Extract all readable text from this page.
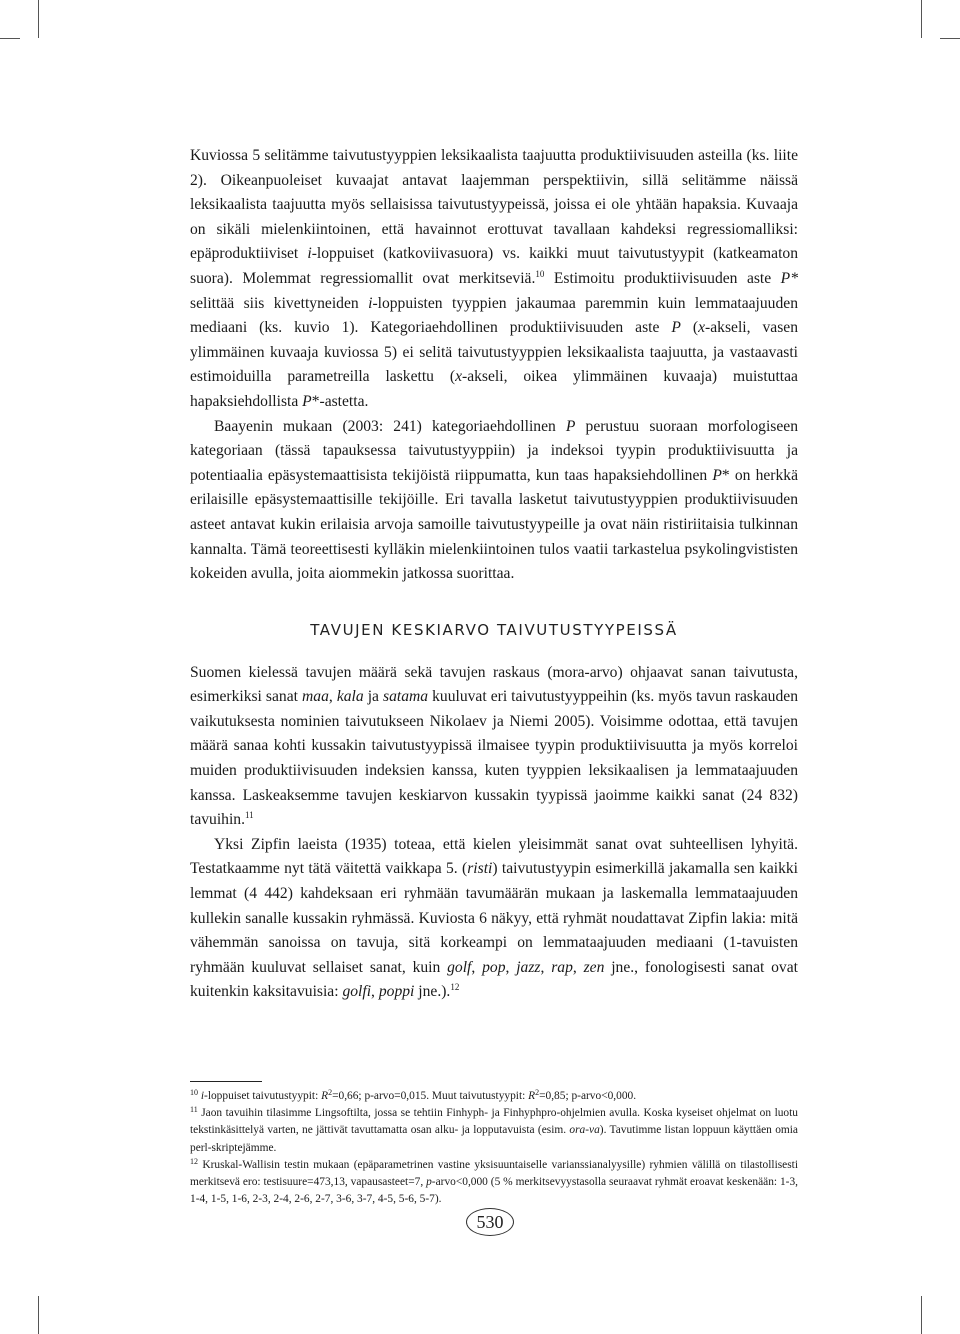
Kuviossa 5 selitämme taivutustyyppien leksikaalista taajuutta produktiivisuuden asteilla (ks. liite 2). Oikeanpuoleiset kuvaajat antavat laajemman perspektiivin, sillä selitämme näissä leksikaalista taajuutta myös sellaisissa taivutustyypeissä, joissa ei ole yhtään hapaksia. Kuvaaja on sikäli mielenkiintoinen, että havainnot erottuvat tavallaan kahdeksi regressiomalliksi: epäproduktiiviset i-loppuiset (katkoviivasuora) vs. kaikki muut taivutustyypit (katkeamaton suora). Molemmat regressiomallit ovat merkitseviä.$^{10}$ Estimoitu produktiivisuuden aste P* selittää siis kivettyneiden i-loppuisten tyyppien jakaumaa paremmin kuin lemmataajuuden mediaani (ks. kuvio 1). Kategoriaehdollinen produktiivisuuden aste P (x-akseli, vasen ylimmäinen kuvaaja kuviossa 5) ei selitä taivutustyyppien leksikaalista taajuutta, ja vastaavasti estimoiduilla parametreilla laskettu (x-akseli, oikea ylimmäinen kuvaaja) muistuttaa hapaksiehdollista P*-astetta.

Baayenin mukaan (2003: 241) kategoriaehdollinen P perustuu suoraan morfologiseen kategoriaan (tässä tapauksessa taivutustyyppiin) ja indeksoi tyypin produktiivisuutta ja potentiaalia epäsystemaattisista tekijöistä riippumatta, kun taas hapaksiehdollinen P* on herkkä erilaisille epäsystemaattisille tekijöille. Eri tavalla lasketut taivutustyyppien produktiivisuuden asteet antavat kukin erilaisia arvoja samoille taivutustyypeille ja ovat näin ristiriitaisia tulkinnan kannalta. Tämä teoreettisesti kylläkin mielenkiintoinen tulos vaatii tarkastelua psykolingvististen kokeiden avulla, joita aiommekin jatkossa suorittaa.

TAVUJEN KESKIARVO TAIVUTUSTYYPEISSÄ

Suomen kielessä tavujen määrä sekä tavujen raskaus (mora-arvo) ohjaavat sanan taivutusta, esimerkiksi sanat maa, kala ja satama kuuluvat eri taivutustyyppeihin (ks. myös tavun raskauden vaikutuksesta nominien taivutukseen Nikolaev ja Niemi 2005). Voisimme odottaa, että tavujen määrä sanaa kohti kussakin taivutustyypissä ilmaisee tyypin produktiivisuutta ja myös korreloi muiden produktiivisuuden indeksien kanssa, kuten tyyppien leksikaalisen ja lemmataajuuden kanssa. Laskeaksemme tavujen keskiarvon kussakin tyypissä jaoimme kaikki sanat (24 832) tavuihin.$^{11}$

Yksi Zipfin laeista (1935) toteaa, että kielen yleisimmät sanat ovat suhteellisen lyhyitä. Testatkaamme nyt tätä väitettä vaikkapa 5. (risti) taivutustyypin esimerkillä jakamalla sen kaikki lemmat (4 442) kahdeksaan eri ryhmään tavumäärän mukaan ja laskemalla lemmataajuuden kullekin sanalle kussakin ryhmässä. Kuviosta 6 näkyy, että ryhmät noudattavat Zipfin lakia: mitä vähemmän sanoissa on tavuja, sitä korkeampi on lemmataajuuden mediaani (1-tavuisten ryhmään kuuluvat sellaiset sanat, kuin golf, pop, jazz, rap, zen jne., fonologisesti sanat ovat kuitenkin kaksitavuisia: golfi, poppi jne.).$^{12}$

$^{10}$ i-loppuiset taivutustyypit: $R^2=0,66$; p-arvo=0,015. Muut taivutustyypit: $R^2=0,85$; p-arvo<0,000.

$^{11}$ Jaon tavuihin tilasimme Lingsoftilta, jossa se tehtiin Finhyph- ja Finhyphpro-ohjelmien avulla. Koska kyseiset ohjelmat on luotu tekstinkäsittelyä varten, ne jättivät tavuttamatta osan alku- ja lopputavuista (esim. ora-va). Tavutimme listan loppuun käyttäen omia perl-skriptejämme.

$^{12}$ Kruskal-Wallisin testin mukaan (epäparametrinen vastine yksisuuntaiselle varianssianalyysille) ryhmien välillä on tilastollisesti merkitsevä ero: testisuure=473,13, vapausasteet=7, p-arvo<0,000 (5 % merkitsevyystasolla seuraavat ryhmät eroavat keskenään: 1-3, 1-4, 1-5, 1-6, 2-3, 2-4, 2-6, 2-7, 3-6, 3-7, 4-5, 5-6, 5-7).

530
